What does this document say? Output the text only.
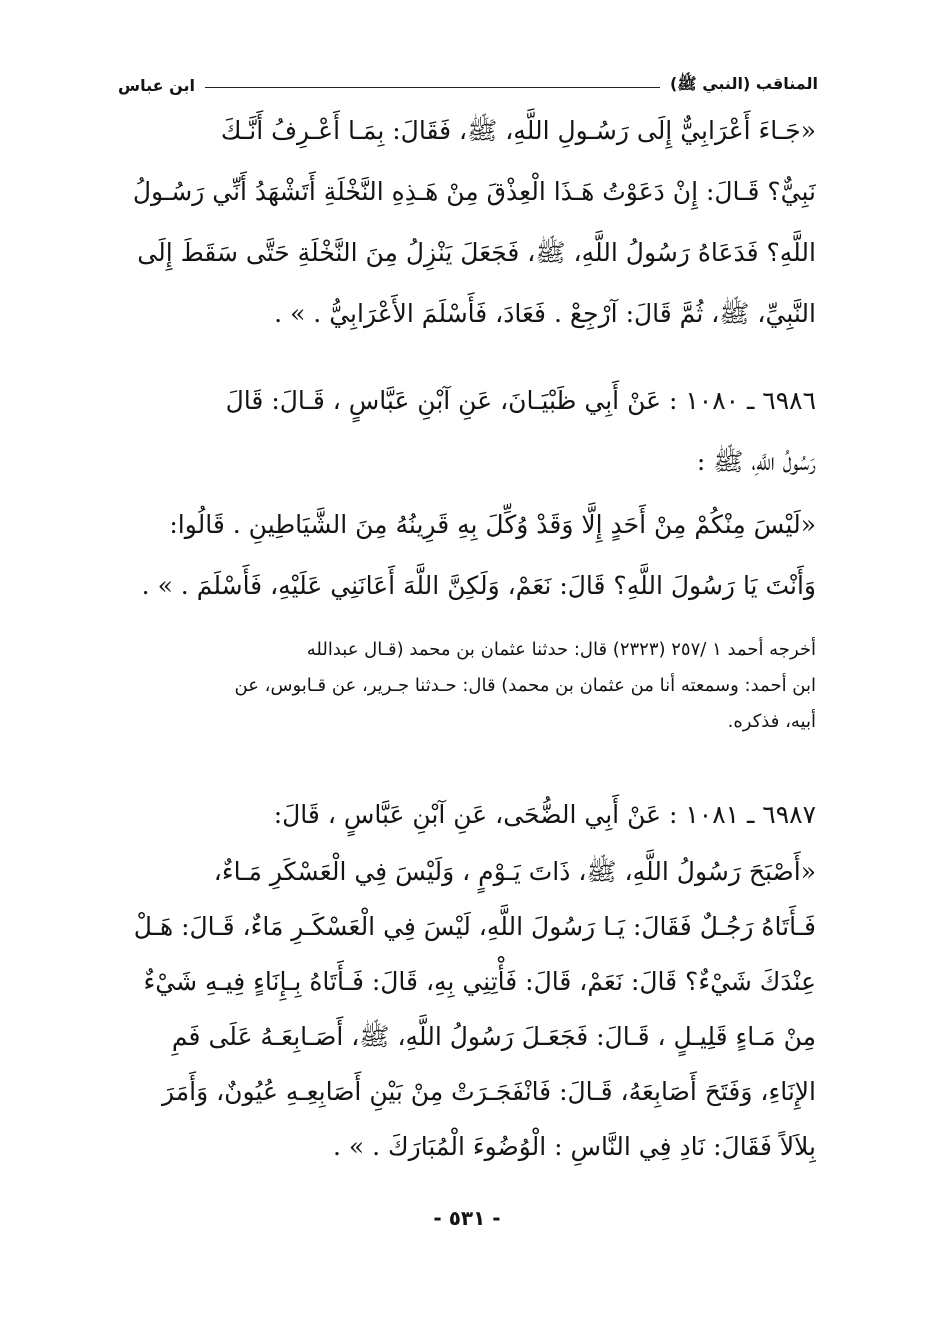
المناقب (النبي ﷺ)
ابن عباس
«جَـاءَ أَعْرَابِيٌّ إِلَى رَسُـولِ اللَّهِ، ﷺ، فَقَالَ: بِمَـا أَعْـرِفُ أَنَّـكَ
نَبِيٌّ؟ قَـالَ: إِنْ دَعَوْتُ هَـذَا الْعِذْقَ مِنْ هَـذِهِ النَّخْلَةِ أَتَشْهَدُ أَنِّي رَسُـولُ
اللَّهِ؟ فَدَعَاهُ رَسُولُ اللَّهِ، ﷺ، فَجَعَلَ يَنْزِلُ مِنَ النَّخْلَةِ حَتَّى سَقَطَ إِلَى
النَّبِيِّ، ﷺ، ثُمَّ قَالَ: آرْجِعْ . فَعَادَ، فَأَسْلَمَ الأَعْرَابِيُّ . » .
٦٩٨٦ ـ ١٠٨٠ : عَنْ أَبِي ظَبْيَـانَ، عَنِ آبْنِ عَبَّاسٍ ، قَـالَ: قَالَ
رَسُولُ اللَّهِ، ﷺ :
«لَيْسَ مِنْكُمْ مِنْ أَحَدٍ إِلَّا وَقَدْ وُكِّلَ بِهِ قَرِينُهُ مِنَ الشَّيَاطِينِ . قَالُوا:
وَأَنْتَ يَا رَسُولَ اللَّهِ؟ قَالَ: نَعَمْ، وَلَكِنَّ اللَّهَ أَعَانَنِي عَلَيْهِ، فَأَسْلَمَ . » .
أخرجه أحمد ١ /٢٥٧ (٢٣٢٣) قال: حدثنا عثمان بن محمد (قـال عبدالله
ابن أحمد: وسمعته أنا من عثمان بن محمد) قال: حـدثنا جـرير، عن قـابوس، عن
أبيه، فذكره.
٦٩٨٧ ـ ١٠٨١ : عَنْ أَبِي الضُّحَى، عَنِ آبْنِ عَبَّاسٍ ، قَالَ:
«أَصْبَحَ رَسُولُ اللَّهِ، ﷺ، ذَاتَ يَـوْمٍ ، وَلَيْسَ فِي الْعَسْكَرِ مَـاءٌ،
فَـأَتَاهُ رَجُـلٌ فَقَالَ: يَـا رَسُولَ اللَّهِ، لَيْسَ فِي الْعَسْكَـرِ مَاءٌ، قَـالَ: هَـلْ
عِنْدَكَ شَيْءٌ؟ قَالَ: نَعَمْ، قَالَ: فَأْتِنِي بِهِ، قَالَ: فَـأَتَاهُ بِـإِنَاءٍ فِيـهِ شَيْءٌ
مِنْ مَـاءٍ قَلِيـلٍ ، قَـالَ: فَجَعَـلَ رَسُولُ اللَّهِ، ﷺ، أَصَـابِعَـهُ عَلَى فَمِ
الإِنَاءِ، وَفَتَحَ أَصَابِعَهُ، قَـالَ: فَانْفَجَـرَتْ مِنْ بَيْنِ أَصَابِعِـهِ عُيُونٌ، وَأَمَرَ
بِلاَلاً فَقَالَ: نَادِ فِي النَّاسِ : الْوُضُوءَ الْمُبَارَكَ . » .
- ٥٣١ -
